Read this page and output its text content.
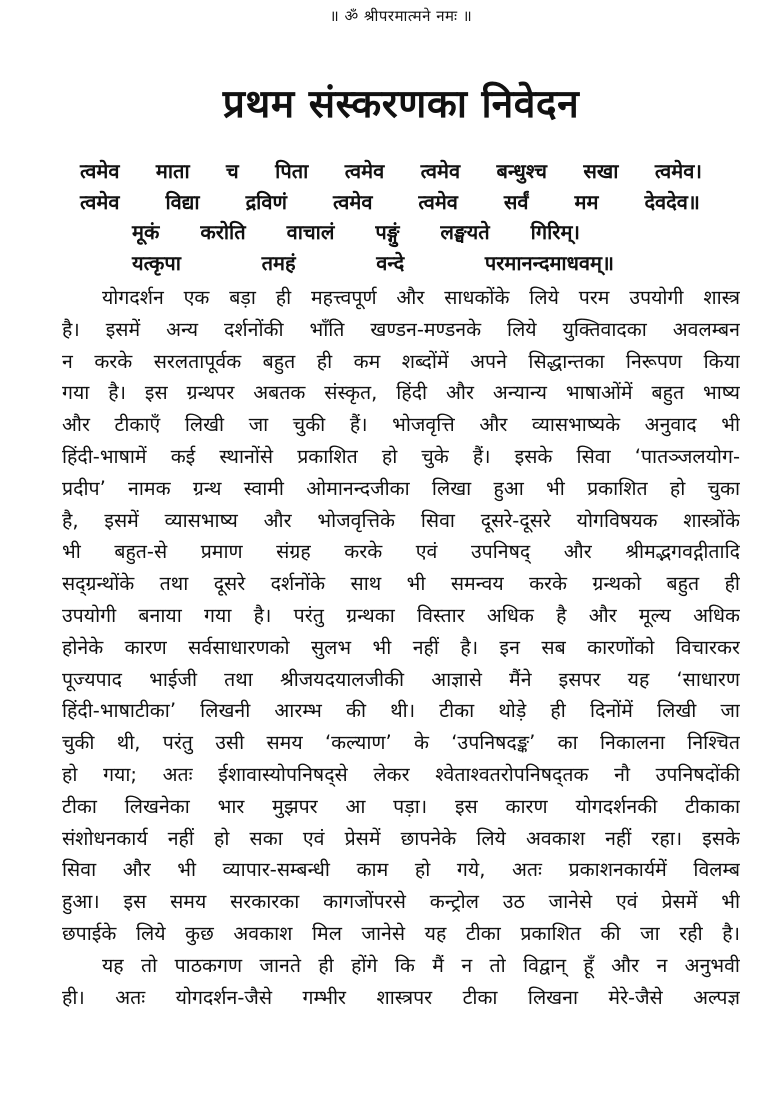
॥ ॐ श्रीपरमात्मने नमः ॥
प्रथम संस्करणका निवेदन
त्वमेव माता च पिता त्वमेव त्वमेव बन्धुश्च सखा त्वमेव।
त्वमेव विद्या द्रविणं त्वमेव त्वमेव सर्वं मम देवदेव॥
मूकं करोति वाचालं पङ्गुं लङ्घयते गिरिम्।
यत्कृपा	तमहं	वन्दे	परमानन्दमाधवम्॥
योगदर्शन एक बड़ा ही महत्त्वपूर्ण और साधकोंके लिये परम उपयोगी शास्त्र
है। इसमें अन्य दर्शनोंकी भाँति खण्डन-मण्डनके लिये युक्तिवादका अवलम्बन
न करके सरलतापूर्वक बहुत ही कम शब्दोंमें अपने सिद्धान्तका निरूपण किया
गया है। इस ग्रन्थपर अबतक संस्कृत, हिंदी और अन्यान्य भाषाओंमें बहुत भाष्य
और टीकाएँ लिखी जा चुकी हैं। भोजवृत्ति और व्यासभाष्यके अनुवाद भी
हिंदी-भाषामें कई स्थानोंसे प्रकाशित हो चुके हैं। इसके सिवा ‘पातञ्जलयोग-
प्रदीप’ नामक ग्रन्थ स्वामी ओमानन्दजीका लिखा हुआ भी प्रकाशित हो चुका
है, इसमें व्यासभाष्य और भोजवृत्तिके सिवा दूसरे-दूसरे योगविषयक शास्त्रोंके
भी बहुत-से प्रमाण संग्रह करके एवं उपनिषद् और श्रीमद्भगवद्गीतादि
सद्ग्रन्थोंके तथा दूसरे दर्शनोंके साथ भी समन्वय करके ग्रन्थको बहुत ही
उपयोगी बनाया गया है। परंतु ग्रन्थका विस्तार अधिक है और मूल्य अधिक
होनेके कारण सर्वसाधारणको सुलभ भी नहीं है। इन सब कारणोंको विचारकर
पूज्यपाद भाईजी तथा श्रीजयदयालजीकी आज्ञासे मैंने इसपर यह ‘साधारण
हिंदी-भाषाटीका’ लिखनी आरम्भ की थी। टीका थोड़े ही दिनोंमें लिखी जा
चुकी थी, परंतु उसी समय ‘कल्याण’ के ‘उपनिषदङ्क’ का निकालना निश्चित
हो गया; अतः ईशावास्योपनिषद्से लेकर श्वेताश्वतरोपनिषद्तक नौ उपनिषदोंकी
टीका लिखनेका भार मुझपर आ पड़ा। इस कारण योगदर्शनकी टीकाका
संशोधनकार्य नहीं हो सका एवं प्रेसमें छापनेके लिये अवकाश नहीं रहा। इसके
सिवा और भी व्यापार-सम्बन्धी काम हो गये, अतः प्रकाशनकार्यमें विलम्ब
हुआ। इस समय सरकारका कागजोंपरसे कन्ट्रोल उठ जानेसे एवं प्रेसमें भी
छपाईके लिये कुछ अवकाश मिल जानेसे यह टीका प्रकाशित की जा रही है।
यह तो पाठकगण जानते ही होंगे कि मैं न तो विद्वान् हूँ और न अनुभवी
ही। अतः योगदर्शन-जैसे गम्भीर शास्त्रपर टीका लिखना मेरे-जैसे अल्पज्ञ
